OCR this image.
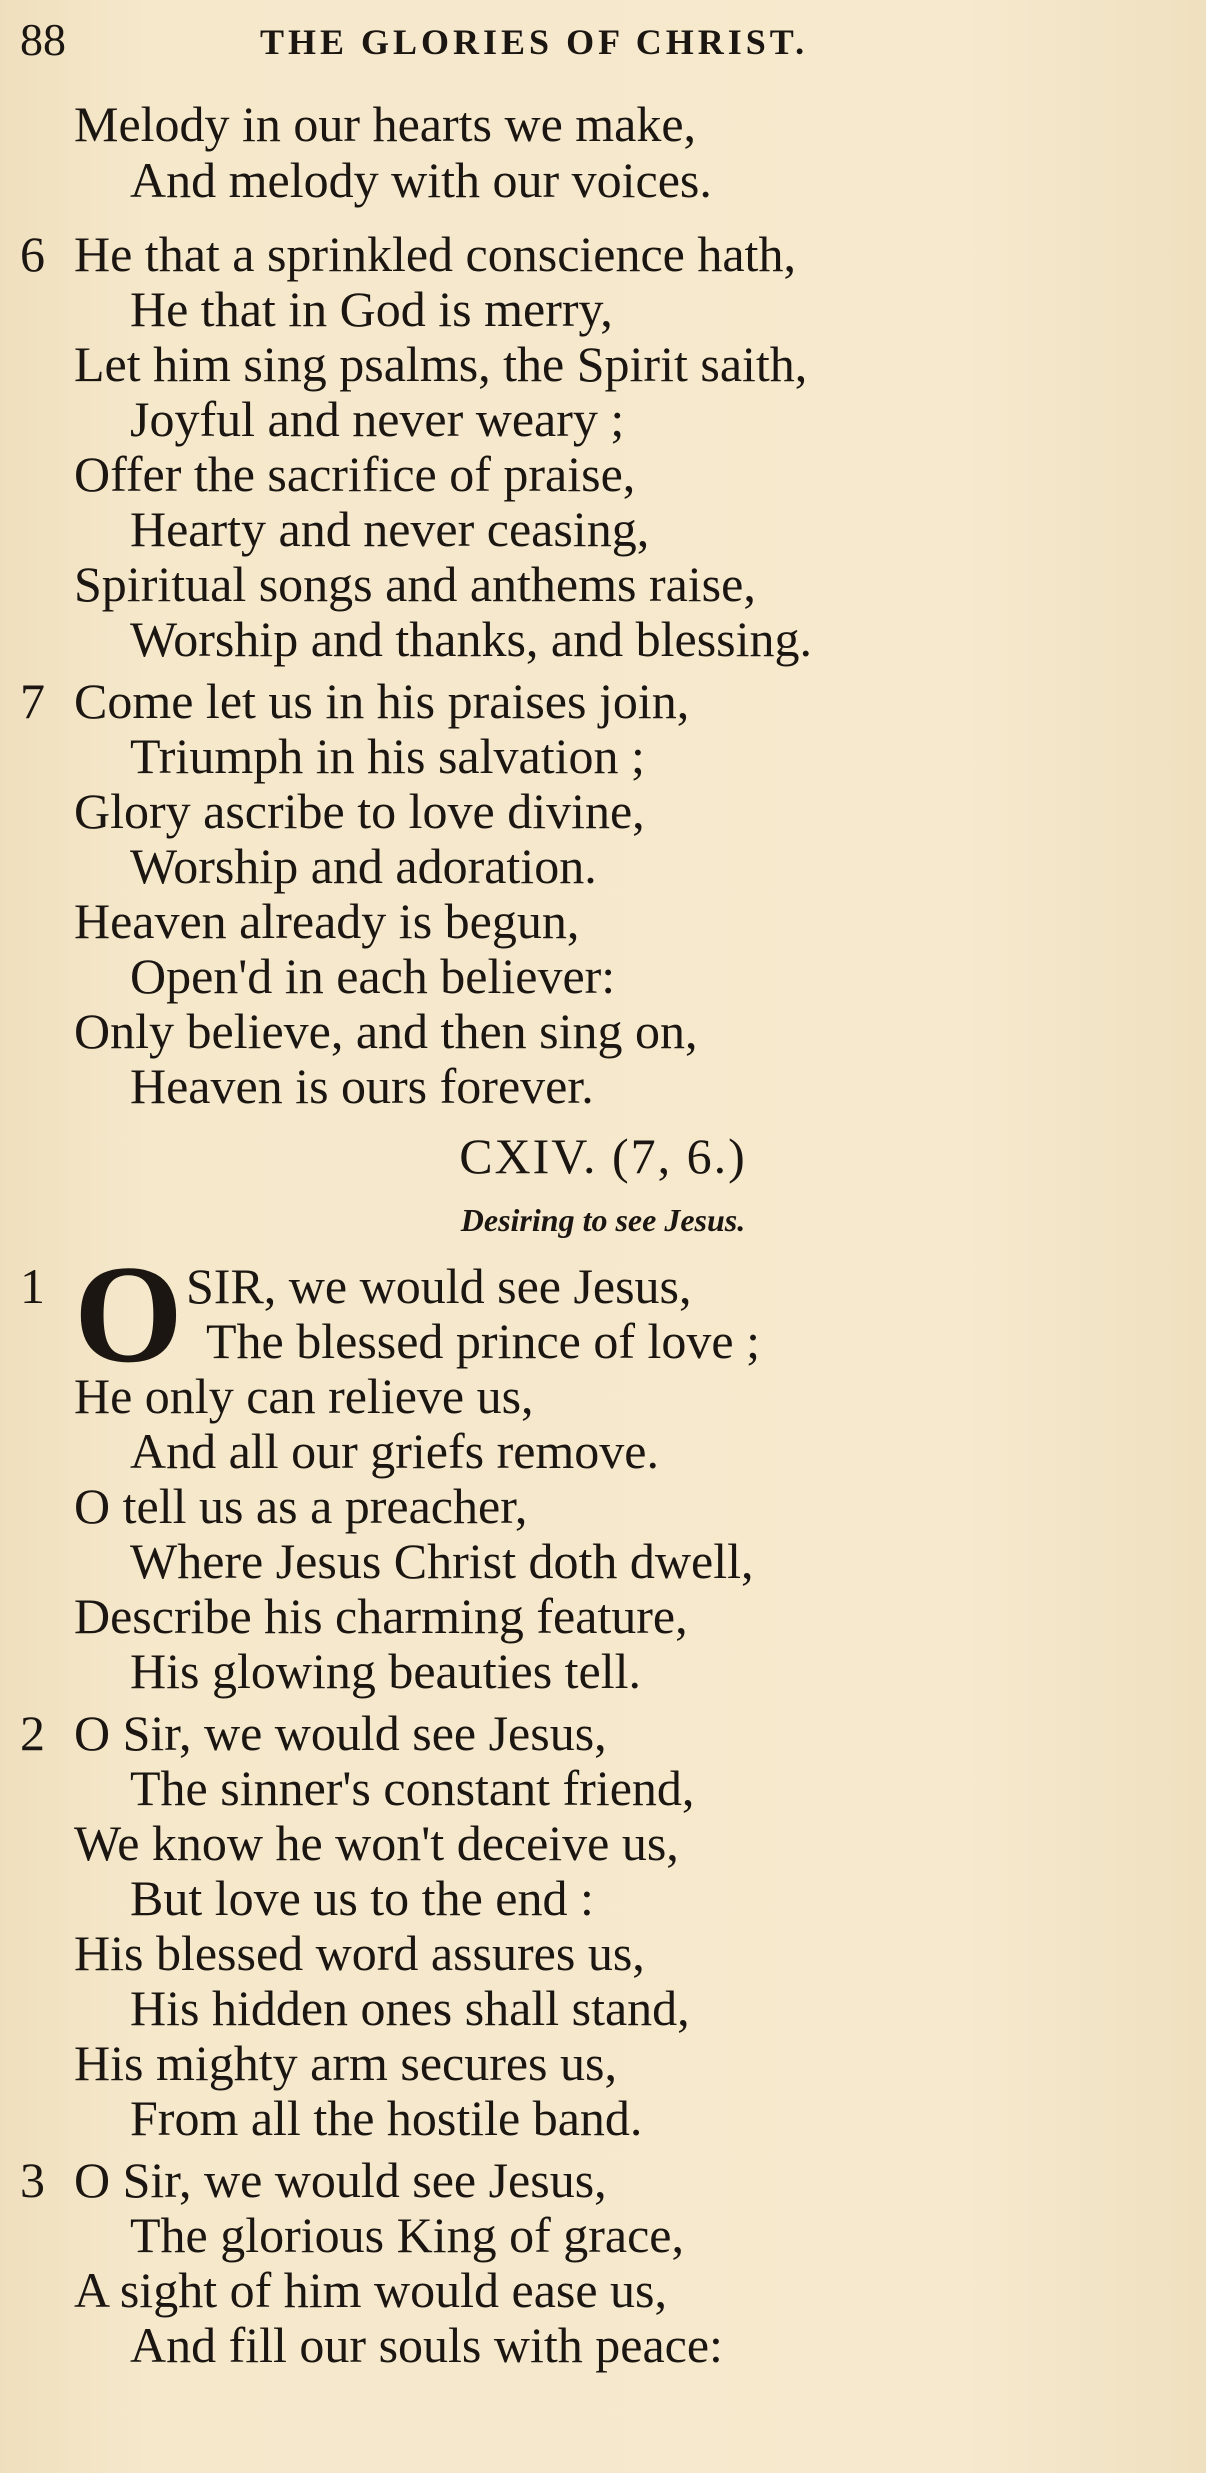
88	THE GLORIES OF CHRIST.
Melody in our hearts we make,
And melody with our voices.
6 He that a sprinkled conscience hath,
He that in God is merry,
Let him sing psalms, the Spirit saith,
Joyful and never weary ;
Offer the sacrifice of praise,
Hearty and never ceasing,
Spiritual songs and anthems raise,
Worship and thanks, and blessing.
7 Come let us in his praises join,
Triumph in his salvation ;
Glory ascribe to love divine,
Worship and adoration.
Heaven already is begun,
Open'd in each believer:
Only believe, and then sing on,
Heaven is ours forever.
CXIV. (7, 6.)
Desiring to see Jesus.
1 O SIR, we would see Jesus,
The blessed prince of love ;
He only can relieve us,
And all our griefs remove.
O tell us as a preacher,
Where Jesus Christ doth dwell,
Describe his charming feature,
His glowing beauties tell.
2 O Sir, we would see Jesus,
The sinner's constant friend,
We know he won't deceive us,
But love us to the end :
His blessed word assures us,
His hidden ones shall stand,
His mighty arm secures us,
From all the hostile band.
3 O Sir, we would see Jesus,
The glorious King of grace,
A sight of him would ease us,
And fill our souls with peace:
